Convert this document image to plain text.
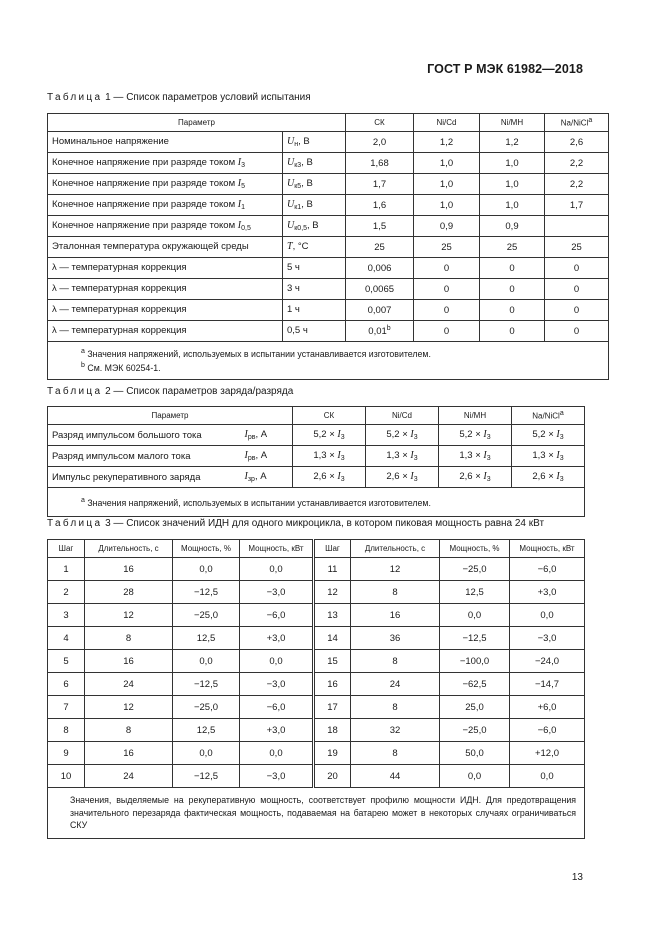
ГОСТ Р МЭК 61982—2018
Таблица 1 — Список параметров условий испытания
Параметр		СК	Ni/Cd	Ni/MH	Na/NiCl$^a$
Номинальное напряжение	$U_н$, В	2,0	1,2	1,2	2,6
Конечное напряжение при разряде током $I_3$	$U_{к3}$, В	1,68	1,0	1,0	2,2
Конечное напряжение при разряде током $I_5$	$U_{к5}$, В	1,7	1,0	1,0	2,2
Конечное напряжение при разряде током $I_1$	$U_{к1}$, В	1,6	1,0	1,0	1,7
Конечное напряжение при разряде током $I_{0,5}$	$U_{к0,5}$, В	1,5	0,9	0,9	
Эталонная температура окружающей среды	T, °С	25	25	25	25
λ — температурная коррекция	5 ч	0,006	0	0	0
λ — температурная коррекция	3 ч	0,0065	0	0	0
λ — температурная коррекция	1 ч	0,007	0	0	0
λ — температурная коррекция	0,5 ч	0,01$^b$	0	0	0

$^a$ Значения напряжений, используемых в испытании устанавливается изготовителем.
$^b$ См. МЭК 60254-1.					
Таблица 2 — Список параметров заряда/разряда
Параметр		СК	Ni/Cd	Ni/MH	Na/NiCl$^a$
Разряд импульсом большого тока	$I_{рв}$, А	$5,2 \times I_3$	$5,2 \times I_3$	$5,2 \times I_3$	$5,2 \times I_3$
Разряд импульсом малого тока	$I_{рв}$, А	$1,3 \times I_3$	$1,3 \times I_3$	$1,3 \times I_3$	$1,3 \times I_3$
Импульс рекуперативного заряда	$I_{зр}$, А	$2,6 \times I_3$	$2,6 \times I_3$	$2,6 \times I_3$	$2,6 \times I_3$

$^a$ Значения напряжений, используемых в испытании устанавливается изготовителем.					
Таблица 3 — Список значений ИДН для одного микроцикла, в котором пиковая мощность равна 24 кВт
Шаг	Длительность, с	Мощность, %	Мощность, кВт	Шаг	Длительность, с	Мощность, %	Мощность, кВт
1	16	0,0	0,0	11	12	−25,0	−6,0
2	28	−12,5	−3,0	12	8	12,5	+3,0
3	12	−25,0	−6,0	13	16	0,0	0,0
4	8	12,5	+3,0	14	36	−12,5	−3,0
5	16	0,0	0,0	15	8	−100,0	−24,0
6	24	−12,5	−3,0	16	24	−62,5	−14,7
7	12	−25,0	−6,0	17	8	25,0	+6,0
8	8	12,5	+3,0	18	32	−25,0	−6,0
9	16	0,0	0,0	19	8	50,0	+12,0
10	24	−12,5	−3,0	20	44	0,0	0,0
Значения, выделяемые на рекуперативную мощность, соответствует профилю мощности ИДН. Для предотвращения значительного перезаряда фактическая мощность, подаваемая на батарею может в некоторых случаях ограничиваться СКУ							
13
